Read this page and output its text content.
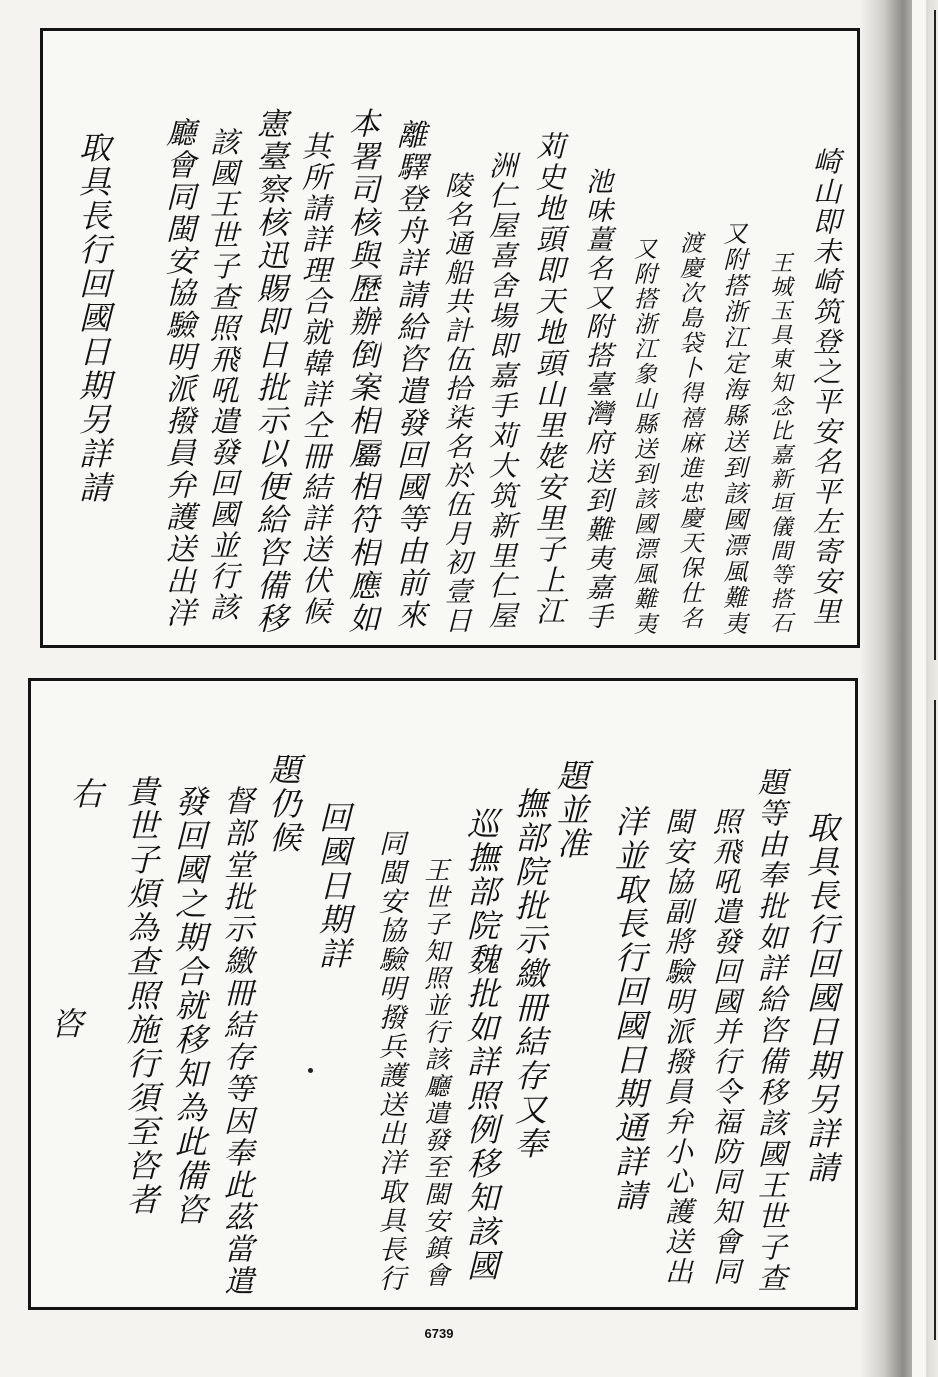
崎山即未崎筑登之平安名平左寄安里
王城玉具東知念比嘉新垣儀間等搭石
又附搭浙江定海縣送到該國漂風難夷
渡慶次島袋卜得禧麻進忠慶天保仕名
又附搭浙江象山縣送到該國漂風難夷
池味薑名又附搭臺灣府送到難夷嘉手
苅史地頭即天地頭山里姥安里子上江
洲仁屋喜舍場即嘉手苅大筑新里仁屋
陵名通船共計伍拾柒名於伍月初壹日
離驛登舟詳請給咨遣發回國等由前來
本署司核與歷辦倒案相屬相符相應如
其所請詳理合就韓詳仝冊結詳送伏候
憲臺察核迅賜即日批示以便給咨備移
該國王世子查照飛吼遣發回國並行該
廳會同閩安協驗明派撥員弁護送出洋
取具長行回國日期另詳請
取具長行回國日期另詳請
題等由奉批如詳給咨備移該國王世子查
照飛吼遣發回國并行令福防同知會同
閩安協副將驗明派撥員弁小心護送出
洋並取長行回國日期通詳請
題並准
撫部院批示繳冊結存又奉
巡撫部院魏批如詳照例移知該國
王世子知照並行該廳遣發至閩安鎮會
同閩安協驗明撥兵護送出洋取具長行
回國日期詳
題仍候
督部堂批示繳冊結存等因奉此茲當遣
發回國之期合就移知為此備咨
貴世子煩為查照施行須至咨者
右
咨
6739
